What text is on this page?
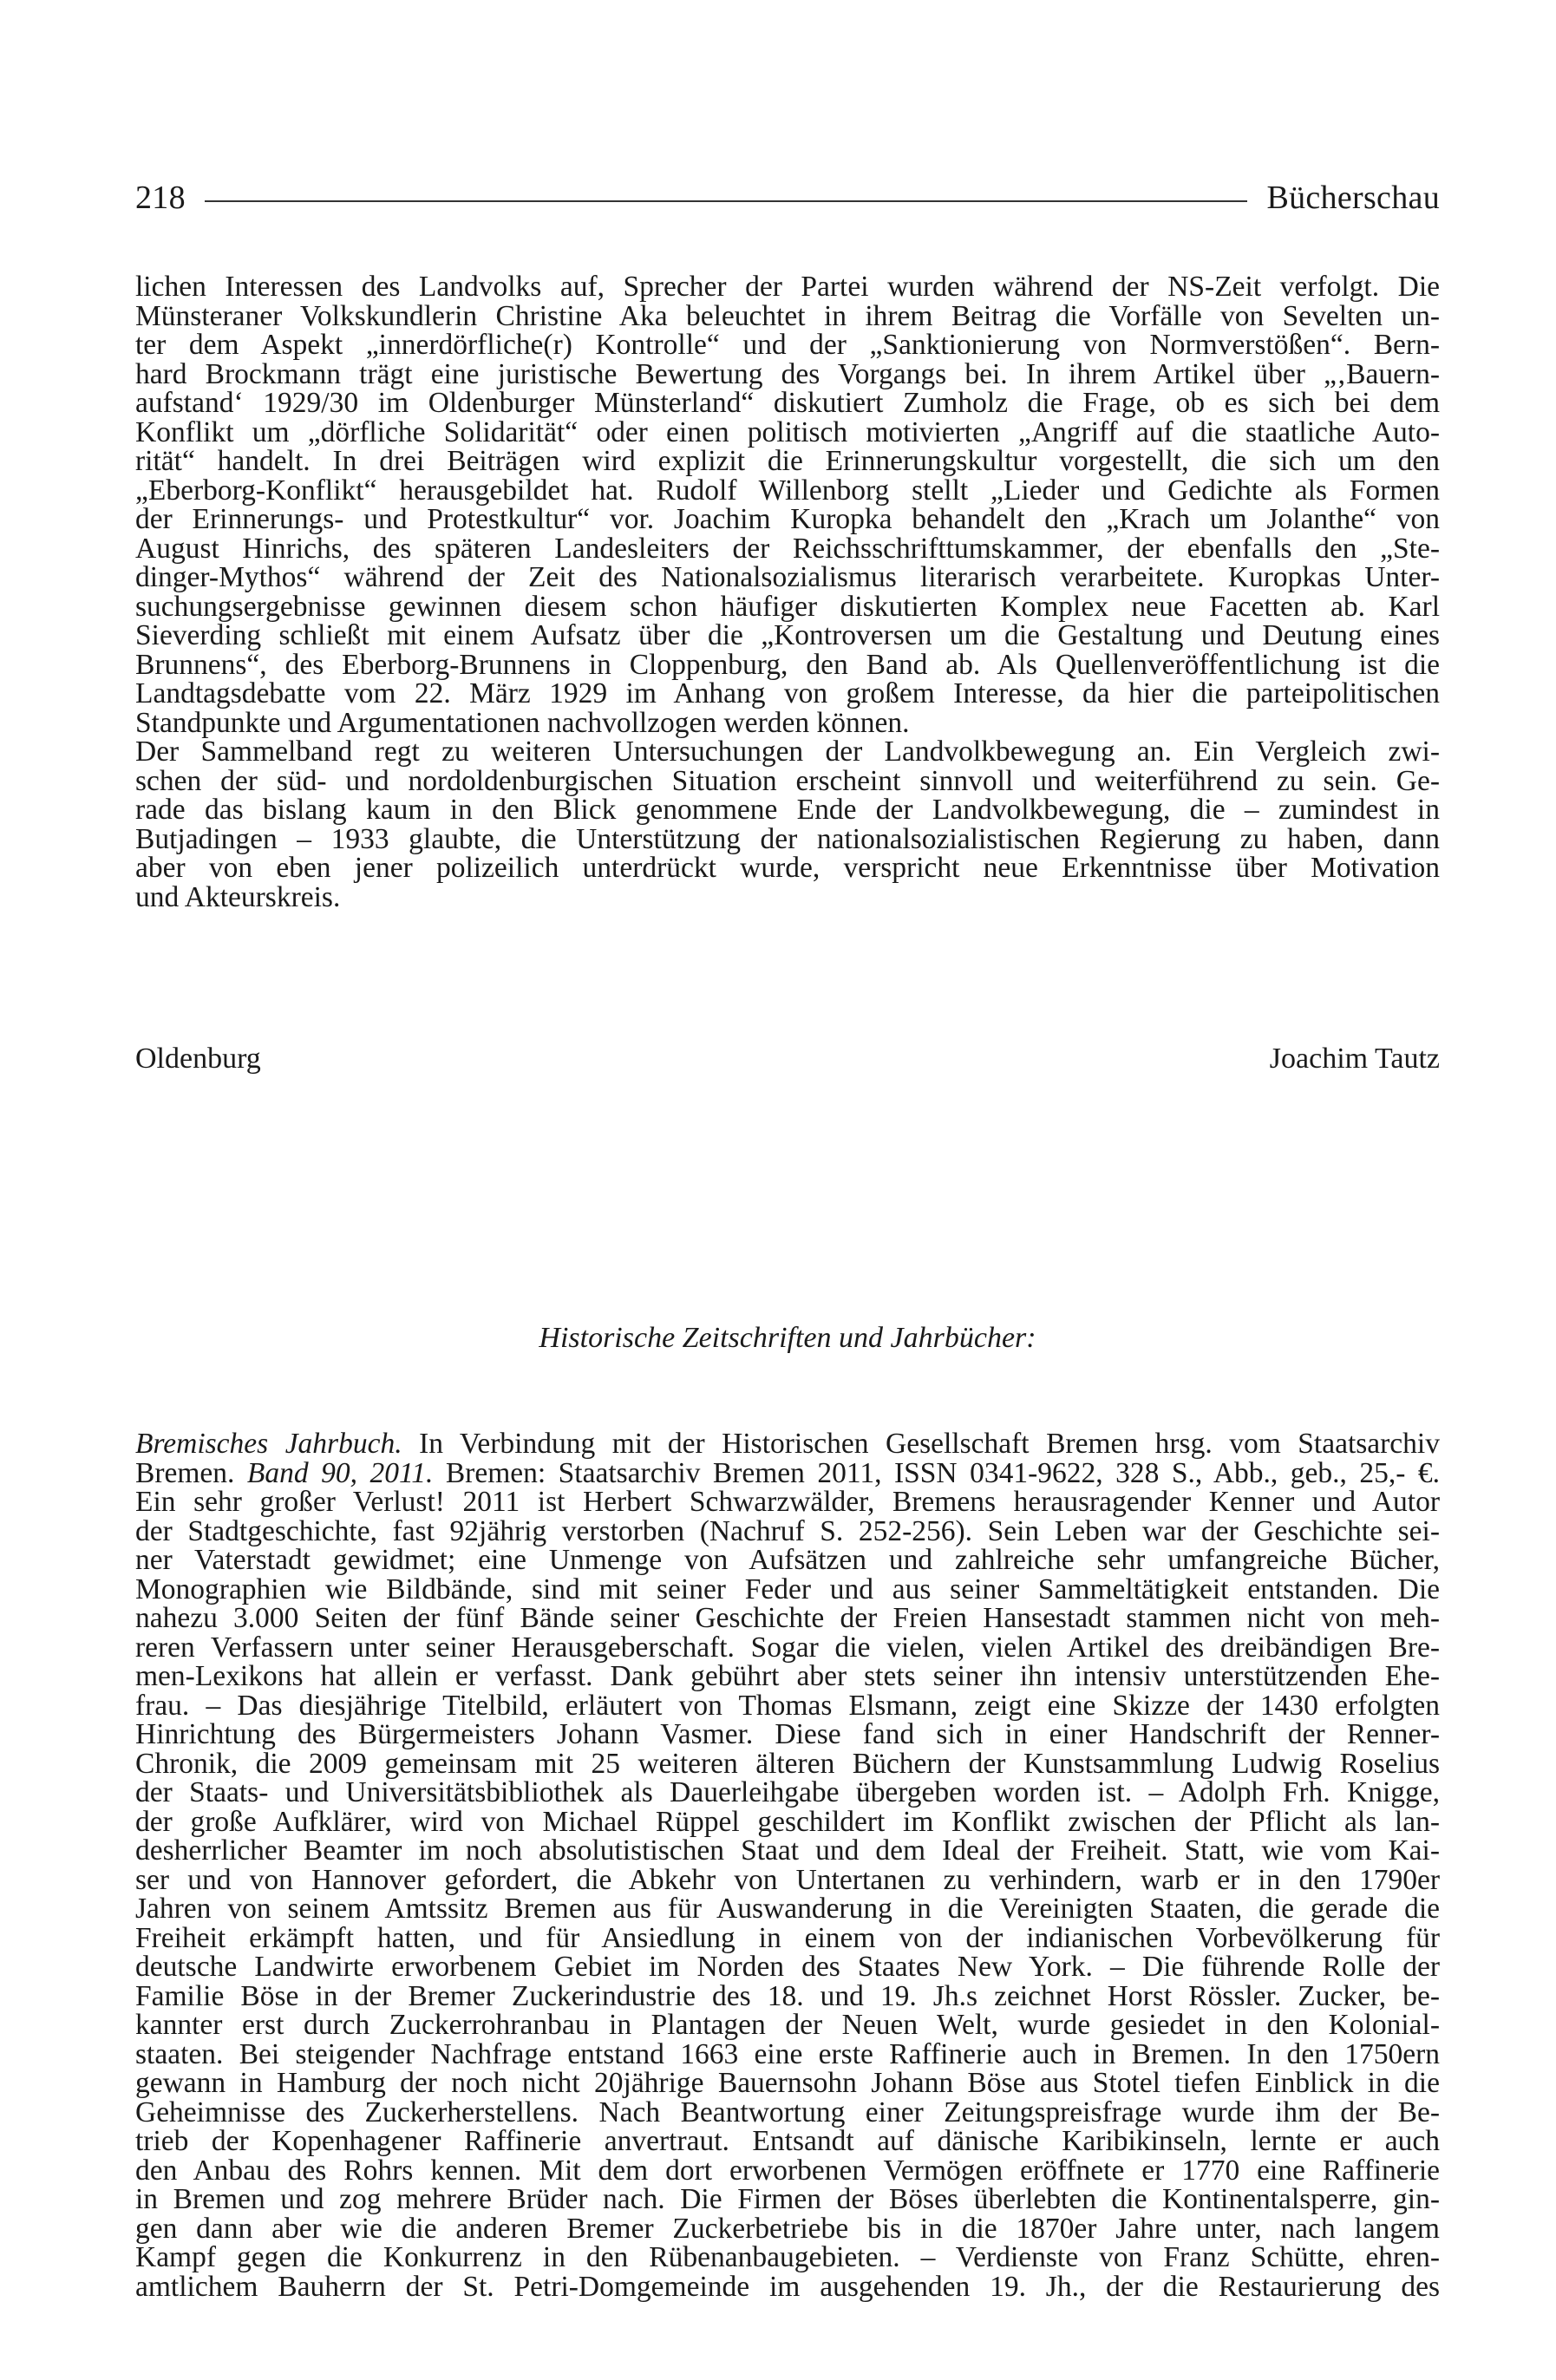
218	Bücherschau
lichen Interessen des Landvolks auf, Sprecher der Partei wurden während der NS-Zeit verfolgt. Die
Münsteraner Volkskundlerin Christine Aka beleuchtet in ihrem Beitrag die Vorfälle von Sevelten un-
ter dem Aspekt „innerdörfliche(r) Kontrolle“ und der „Sanktionierung von Normverstößen“. Bern-
hard Brockmann trägt eine juristische Bewertung des Vorgangs bei. In ihrem Artikel über „‚Bauern-
aufstand‘ 1929/30 im Oldenburger Münsterland“ diskutiert Zumholz die Frage, ob es sich bei dem
Konflikt um „dörfliche Solidarität“ oder einen politisch motivierten „Angriff auf die staatliche Auto-
rität“ handelt. In drei Beiträgen wird explizit die Erinnerungskultur vorgestellt, die sich um den
„Eberborg-Konflikt“ herausgebildet hat. Rudolf Willenborg stellt „Lieder und Gedichte als Formen
der Erinnerungs- und Protestkultur“ vor. Joachim Kuropka behandelt den „Krach um Jolanthe“ von
August Hinrichs, des späteren Landesleiters der Reichsschrifttumskammer, der ebenfalls den „Ste-
dinger-Mythos“ während der Zeit des Nationalsozialismus literarisch verarbeitete. Kuropkas Unter-
suchungsergebnisse gewinnen diesem schon häufiger diskutierten Komplex neue Facetten ab. Karl
Sieverding schließt mit einem Aufsatz über die „Kontroversen um die Gestaltung und Deutung eines
Brunnens“, des Eberborg-Brunnens in Cloppenburg, den Band ab. Als Quellenveröffentlichung ist die
Landtagsdebatte vom 22. März 1929 im Anhang von großem Interesse, da hier die parteipolitischen
Standpunkte und Argumentationen nachvollzogen werden können.
Der Sammelband regt zu weiteren Untersuchungen der Landvolkbewegung an. Ein Vergleich zwi-
schen der süd- und nordoldenburgischen Situation erscheint sinnvoll und weiterführend zu sein. Ge-
rade das bislang kaum in den Blick genommene Ende der Landvolkbewegung, die – zumindest in
Butjadingen – 1933 glaubte, die Unterstützung der nationalsozialistischen Regierung zu haben, dann
aber von eben jener polizeilich unterdrückt wurde, verspricht neue Erkenntnisse über Motivation
und Akteurskreis.
Oldenburg	Joachim Tautz
Historische Zeitschriften und Jahrbücher:
Bremisches Jahrbuch. In Verbindung mit der Historischen Gesellschaft Bremen hrsg. vom Staatsarchiv
Bremen. Band 90, 2011. Bremen: Staatsarchiv Bremen 2011, ISSN 0341-9622, 328 S., Abb., geb., 25,- €.
Ein sehr großer Verlust! 2011 ist Herbert Schwarzwälder, Bremens herausragender Kenner und Autor
der Stadtgeschichte, fast 92jährig verstorben (Nachruf S. 252-256). Sein Leben war der Geschichte sei-
ner Vaterstadt gewidmet; eine Unmenge von Aufsätzen und zahlreiche sehr umfangreiche Bücher,
Monographien wie Bildbände, sind mit seiner Feder und aus seiner Sammeltätigkeit entstanden. Die
nahezu 3.000 Seiten der fünf Bände seiner Geschichte der Freien Hansestadt stammen nicht von meh-
reren Verfassern unter seiner Herausgeberschaft. Sogar die vielen, vielen Artikel des dreibändigen Bre-
men-Lexikons hat allein er verfasst. Dank gebührt aber stets seiner ihn intensiv unterstützenden Ehe-
frau. – Das diesjährige Titelbild, erläutert von Thomas Elsmann, zeigt eine Skizze der 1430 erfolgten
Hinrichtung des Bürgermeisters Johann Vasmer. Diese fand sich in einer Handschrift der Renner-
Chronik, die 2009 gemeinsam mit 25 weiteren älteren Büchern der Kunstsammlung Ludwig Roselius
der Staats- und Universitätsbibliothek als Dauerleihgabe übergeben worden ist. – Adolph Frh. Knigge,
der große Aufklärer, wird von Michael Rüppel geschildert im Konflikt zwischen der Pflicht als lan-
desherrlicher Beamter im noch absolutistischen Staat und dem Ideal der Freiheit. Statt, wie vom Kai-
ser und von Hannover gefordert, die Abkehr von Untertanen zu verhindern, warb er in den 1790er
Jahren von seinem Amtssitz Bremen aus für Auswanderung in die Vereinigten Staaten, die gerade die
Freiheit erkämpft hatten, und für Ansiedlung in einem von der indianischen Vorbevölkerung für
deutsche Landwirte erworbenem Gebiet im Norden des Staates New York. – Die führende Rolle der
Familie Böse in der Bremer Zuckerindustrie des 18. und 19. Jh.s zeichnet Horst Rössler. Zucker, be-
kannter erst durch Zuckerrohranbau in Plantagen der Neuen Welt, wurde gesiedet in den Kolonial-
staaten. Bei steigender Nachfrage entstand 1663 eine erste Raffinerie auch in Bremen. In den 1750ern
gewann in Hamburg der noch nicht 20jährige Bauernsohn Johann Böse aus Stotel tiefen Einblick in die
Geheimnisse des Zuckerherstellens. Nach Beantwortung einer Zeitungspreisfrage wurde ihm der Be-
trieb der Kopenhagener Raffinerie anvertraut. Entsandt auf dänische Karibikinseln, lernte er auch
den Anbau des Rohrs kennen. Mit dem dort erworbenen Vermögen eröffnete er 1770 eine Raffinerie
in Bremen und zog mehrere Brüder nach. Die Firmen der Böses überlebten die Kontinentalsperre, gin-
gen dann aber wie die anderen Bremer Zuckerbetriebe bis in die 1870er Jahre unter, nach langem
Kampf gegen die Konkurrenz in den Rübenanbaugebieten. – Verdienste von Franz Schütte, ehren-
amtlichem Bauherrn der St. Petri-Domgemeinde im ausgehenden 19. Jh., der die Restaurierung des
